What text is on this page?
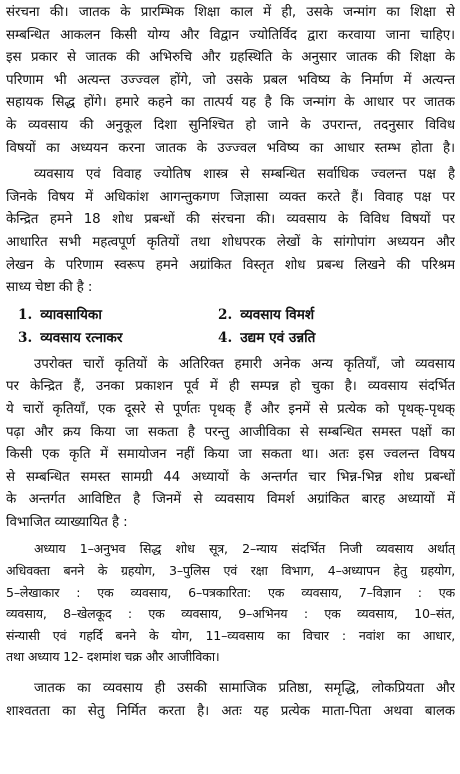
संरचना की। जातक के प्रारम्भिक शिक्षा काल में ही, उसके जन्मांग का शिक्षा से
सम्बन्धित आकलन किसी योग्य और विद्वान ज्योतिर्विद द्वारा करवाया जाना चाहिए।
इस प्रकार से जातक की अभिरुचि और ग्रहस्थिति के अनुसार जातक की शिक्षा के
परिणाम भी अत्यन्त उज्ज्वल होंगे, जो उसके प्रबल भविष्य के निर्माण में अत्यन्त
सहायक सिद्ध होंगे। हमारे कहने का तात्पर्य यह है कि जन्मांग के आधार पर जातक
के व्यवसाय की अनुकूल दिशा सुनिश्चित हो जाने के उपरान्त, तदनुसार विविध
विषयों का अध्ययन करना जातक के उज्ज्वल भविष्य का आधार स्तम्भ होता है।
व्यवसाय एवं विवाह ज्योतिष शास्त्र से सम्बन्धित सर्वाधिक ज्वलन्त पक्ष है
जिनके विषय में अधिकांश आगन्तुकगण जिज्ञासा व्यक्त करते हैं। विवाह पक्ष पर
केन्द्रित हमने 18 शोध प्रबन्धों की संरचना की। व्यवसाय के विविध विषयों पर
आधारित सभी महत्वपूर्ण कृतियों तथा शोधपरक लेखों के सांगोपांग अध्ययन और
लेखन के परिणाम स्वरूप हमने अग्रांकित विस्तृत शोध प्रबन्ध लिखने की परिश्रम
साध्य चेष्टा की है :
1. व्यावसायिका	2. व्यवसाय विमर्श
3. व्यवसाय रत्नाकर	4. उद्यम एवं उन्नति
उपरोक्त चारों कृतियों के अतिरिक्त हमारी अनेक अन्य कृतियाँ, जो व्यवसाय
पर केन्द्रित हैं, उनका प्रकाशन पूर्व में ही सम्पन्न हो चुका है। व्यवसाय संदर्भित
ये चारों कृतियाँ, एक दूसरे से पूर्णतः पृथक् हैं और इनमें से प्रत्येक को पृथक्-पृथक्
पढ़ा और क्रय किया जा सकता है परन्तु आजीविका से सम्बन्धित समस्त पक्षों का
किसी एक कृति में समायोजन नहीं किया जा सकता था। अतः इस ज्वलन्त विषय
से सम्बन्धित समस्त सामग्री 44 अध्यायों के अन्तर्गत चार भिन्न-भिन्न शोध प्रबन्धों
के अन्तर्गत आविष्टित है जिनमें से व्यवसाय विमर्श अग्रांकित बारह अध्यायों में
विभाजित व्याख्यायित है :
अध्याय 1–अनुभव सिद्ध शोध सूत्र, 2–न्याय संदर्भित निजी व्यवसाय अर्थात्
अधिवक्ता बनने के ग्रहयोग, 3–पुलिस एवं रक्षा विभाग, 4–अध्यापन हेतु ग्रहयोग,
5–लेखाकार : एक व्यवसाय, 6–पत्रकारिता: एक व्यवसाय, 7–विज्ञान : एक
व्यवसाय, 8–खेलकूद : एक व्यवसाय, 9–अभिनय : एक व्यवसाय, 10–संत,
संन्यासी एवं गहर्दि बनने के योग, 11–व्यवसाय का विचार : नवांश का आधार,
तथा अध्याय 12- दशमांश चक्र और आजीविका।
जातक का व्यवसाय ही उसकी सामाजिक प्रतिष्ठा, समृद्धि, लोकप्रियता और
शाश्वतता का सेतु निर्मित करता है। अतः यह प्रत्येक माता-पिता अथवा बालक
